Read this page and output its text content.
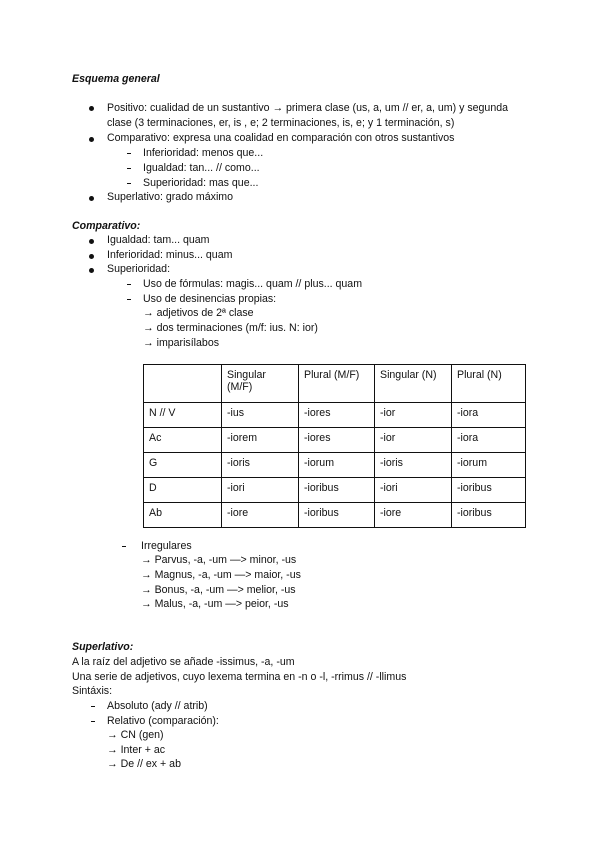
Esquema general
Positivo: cualidad de un sustantivo → primera clase (us, a, um // er, a, um) y segunda
clase (3 terminaciones, er, is , e; 2 terminaciones, is, e; y 1 terminación, s)
Comparativo: expresa una coalidad en comparación con otros sustantivos
Inferioridad: menos que...
Igualdad: tan... // como...
Superioridad: mas que...
Superlativo: grado máximo
Comparativo:
Igualdad: tam... quam
Inferioridad: minus... quam
Superioridad:
Uso de fórmulas: magis... quam // plus... quam
Uso de desinencias propias:
→ adjetivos de 2ª clase
→ dos terminaciones (m/f: ius. N: ior)
→ imparisílabos
	Singular (M/F)	Plural (M/F)	Singular (N)	Plural (N)
N // V	-ius	-iores	-ior	-iora
Ac	-iorem	-iores	-ior	-iora
G	-ioris	-iorum	-ioris	-iorum
D	-iori	-ioribus	-iori	-ioribus
Ab	-iore	-ioribus	-iore	-ioribus
Irregulares
→ Parvus, -a, -um —> minor, -us
→ Magnus, -a, -um —> maior, -us
→ Bonus, -a, -um —> melior, -us
→ Malus, -a, -um —> peior, -us
Superlativo:
A la raíz del adjetivo se añade -issimus, -a, -um
Una serie de adjetivos, cuyo lexema termina en -n o -l, -rrimus // -llimus
Sintáxis:
Absoluto (ady // atrib)
Relativo (comparación):
→ CN (gen)
→ Inter + ac
→ De // ex + ab
